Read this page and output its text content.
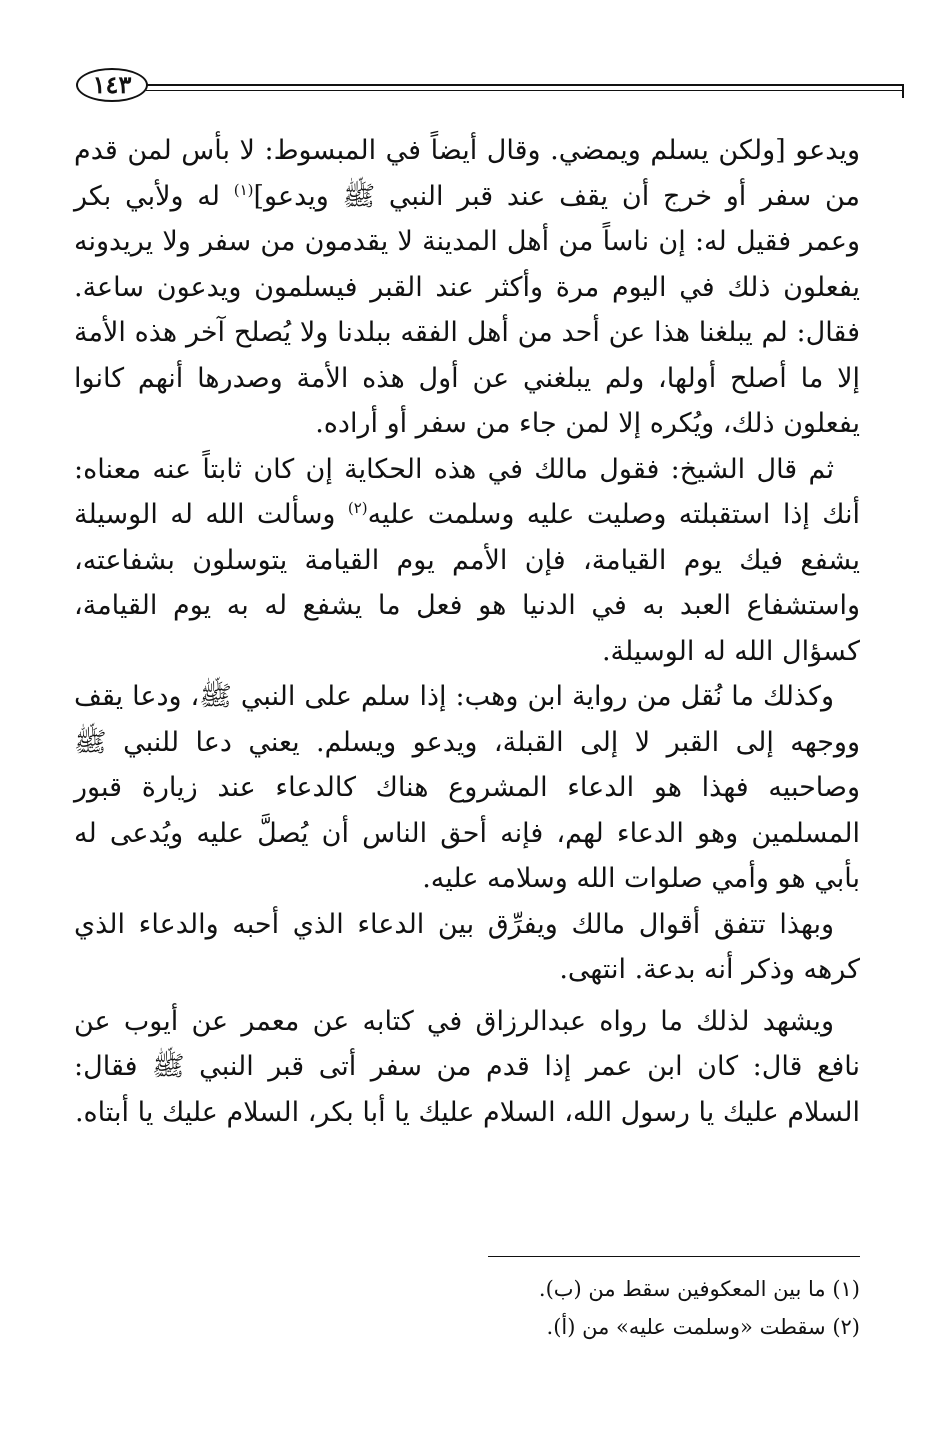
١٤٣

ويدعو [ولكن يسلم ويمضي. وقال أيضاً في المبسوط: لا بأس لمن قدم من سفر أو خرج أن يقف عند قبر النبي ﷺ ويدعو]$^{(١)}$ له ولأبي بكر وعمر فقيل له: إن ناساً من أهل المدينة لا يقدمون من سفر ولا يريدونه يفعلون ذلك في اليوم مرة وأكثر عند القبر فيسلمون ويدعون ساعة. فقال: لم يبلغنا هذا عن أحد من أهل الفقه ببلدنا ولا يُصلح آخر هذه الأمة إلا ما أصلح أولها، ولم يبلغني عن أول هذه الأمة وصدرها أنهم كانوا يفعلون ذلك، ويُكره إلا لمن جاء من سفر أو أراده.

ثم قال الشيخ: فقول مالك في هذه الحكاية إن كان ثابتاً عنه معناه: أنك إذا استقبلته وصليت عليه وسلمت عليه$^{(٢)}$ وسألت الله له الوسيلة يشفع فيك يوم القيامة، فإن الأمم يوم القيامة يتوسلون بشفاعته، واستشفاع العبد به في الدنيا هو فعل ما يشفع له به يوم القيامة، كسؤال الله له الوسيلة.

وكذلك ما نُقل من رواية ابن وهب: إذا سلم على النبي ﷺ، ودعا يقف ووجهه إلى القبر لا إلى القبلة، ويدعو ويسلم. يعني دعا للنبي ﷺ وصاحبيه فهذا هو الدعاء المشروع هناك كالدعاء عند زيارة قبور المسلمين وهو الدعاء لهم، فإنه أحق الناس أن يُصلَّ عليه ويُدعى له بأبي هو وأمي صلوات الله وسلامه عليه.

وبهذا تتفق أقوال مالك ويفرِّق بين الدعاء الذي أحبه والدعاء الذي كرهه وذكر أنه بدعة. انتهى.

ويشهد لذلك ما رواه عبدالرزاق في كتابه عن معمر عن أيوب عن نافع قال: كان ابن عمر إذا قدم من سفر أتى قبر النبي ﷺ فقال: السلام عليك يا رسول الله، السلام عليك يا أبا بكر، السلام عليك يا أبتاه.

(١) ما بين المعكوفين سقط من (ب).

(٢) سقطت «وسلمت عليه» من (أ).
